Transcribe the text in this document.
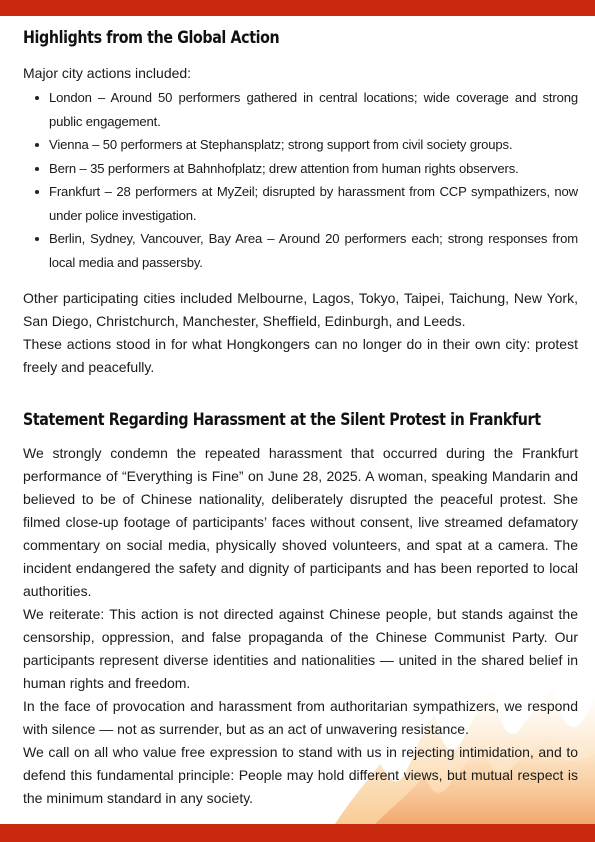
Highlights from the Global Action

Major city actions included:

London – Around 50 performers gathered in central locations; wide coverage and strong public engagement.
Vienna – 50 performers at Stephansplatz; strong support from civil society groups.
Bern – 35 performers at Bahnhofplatz; drew attention from human rights observers.
Frankfurt – 28 performers at MyZeil; disrupted by harassment from CCP sympathizers, now under police investigation.
Berlin, Sydney, Vancouver, Bay Area – Around 20 performers each; strong responses from local media and passersby.

Other participating cities included Melbourne, Lagos, Tokyo, Taipei, Taichung, New York, San Diego, Christchurch, Manchester, Sheffield, Edinburgh, and Leeds.

These actions stood in for what Hongkongers can no longer do in their own city: protest freely and peacefully.

Statement Regarding Harassment at the Silent Protest in Frankfurt

We strongly condemn the repeated harassment that occurred during the Frankfurt performance of “Everything is Fine” on June 28, 2025. A woman, speaking Mandarin and believed to be of Chinese nationality, deliberately disrupted the peaceful protest. She filmed close-up footage of participants’ faces without consent, live streamed defamatory commentary on social media, physically shoved volunteers, and spat at a camera. The incident endangered the safety and dignity of participants and has been reported to local authorities.

We reiterate: This action is not directed against Chinese people, but stands against the censorship, oppression, and false propaganda of the Chinese Communist Party. Our participants represent diverse identities and nationalities — united in the shared belief in human rights and freedom.

In the face of provocation and harassment from authoritarian sympathizers, we respond with silence — not as surrender, but as an act of unwavering resistance.

We call on all who value free expression to stand with us in rejecting intimidation, and to defend this fundamental principle: People may hold different views, but mutual respect is the minimum standard in any society.
